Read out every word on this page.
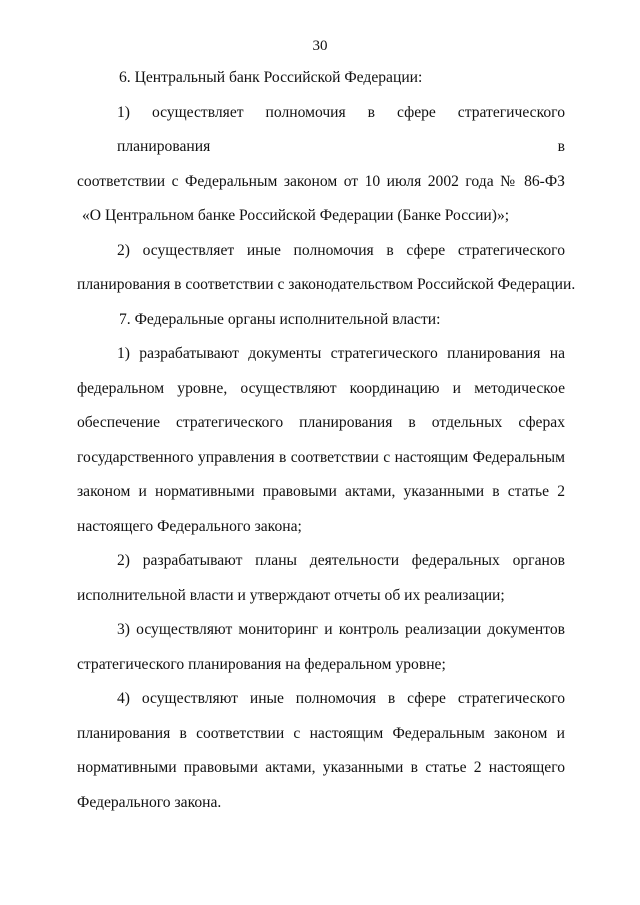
30
6. Центральный банк Российской Федерации:
1) осуществляет полномочия в сфере стратегического планирования в
соответствии с Федеральным законом от 10 июля 2002 года № 86-ФЗ
«О Центральном банке Российской Федерации (Банке России)»;
2) осуществляет иные полномочия в сфере стратегического
планирования в соответствии с законодательством Российской Федерации.
7. Федеральные органы исполнительной власти:
1) разрабатывают документы стратегического планирования на
федеральном уровне, осуществляют координацию и методическое
обеспечение стратегического планирования в отдельных сферах
государственного управления в соответствии с настоящим Федеральным
законом и нормативными правовыми актами, указанными в статье 2
настоящего Федерального закона;
2) разрабатывают планы деятельности федеральных органов
исполнительной власти и утверждают отчеты об их реализации;
3) осуществляют мониторинг и контроль реализации документов
стратегического планирования на федеральном уровне;
4) осуществляют иные полномочия в сфере стратегического
планирования в соответствии с настоящим Федеральным законом и
нормативными правовыми актами, указанными в статье 2 настоящего
Федерального закона.
